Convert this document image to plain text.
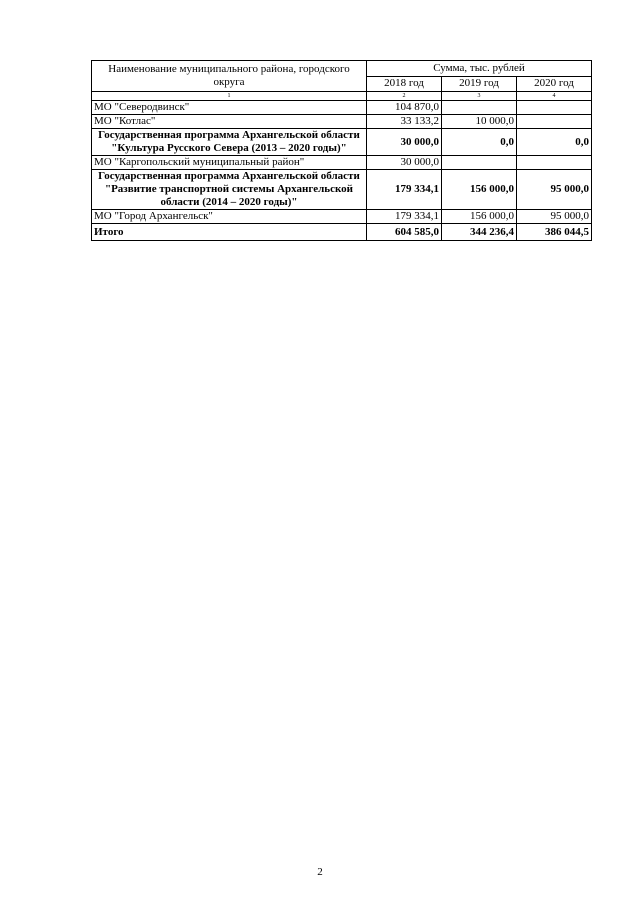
Наименование муниципального района, городского округа	Сумма, тыс. рублей		
	2018 год	2019 год	2020 год
1	2	3	4
МО "Северодвинск"	104 870,0		
МО "Котлас"	33 133,2	10 000,0	
Государственная программа Архангельской области "Культура Русского Севера (2013 – 2020 годы)"	30 000,0	0,0	0,0
МО "Каргопольский муниципальный район"	30 000,0		
Государственная программа Архангельской области "Развитие транспортной системы Архангельской области (2014 – 2020 годы)"	179 334,1	156 000,0	95 000,0
МО "Город Архангельск"	179 334,1	156 000,0	95 000,0
Итого	604 585,0	344 236,4	386 044,5
2
